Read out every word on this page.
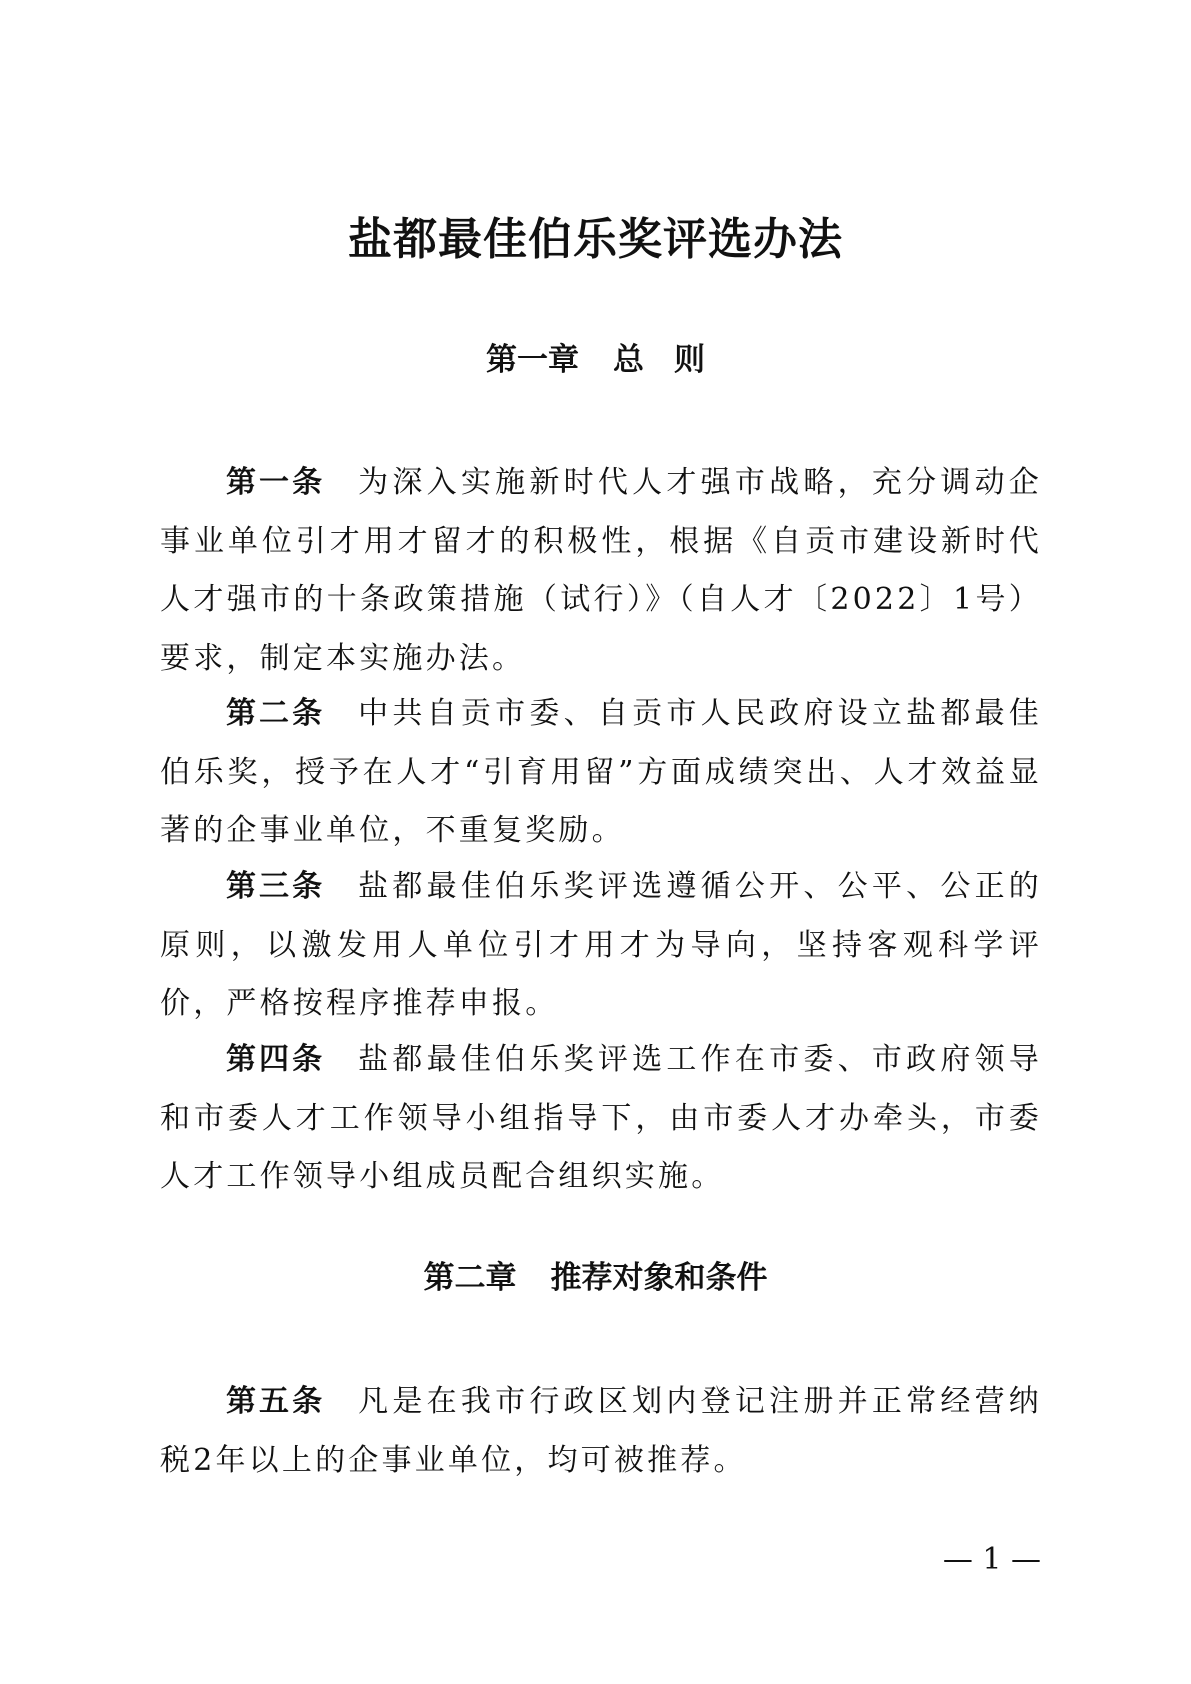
盐都最佳伯乐奖评选办法
第一章 总则

第一条 为深入实施新时代人才强市战略，充分调动企事业单位引才用才留才的积极性，根据《自贡市建设新时代人才强市的十条政策措施（试行）》（自人才〔2022〕1号）要求，制定本实施办法。

第二条 中共自贡市委、自贡市人民政府设立盐都最佳伯乐奖，授予在人才“引育用留”方面成绩突出、人才效益显著的企事业单位，不重复奖励。

第三条 盐都最佳伯乐奖评选遵循公开、公平、公正的原则，以激发用人单位引才用才为导向，坚持客观科学评价，严格按程序推荐申报。

第四条 盐都最佳伯乐奖评选工作在市委、市政府领导和市委人才工作领导小组指导下，由市委人才办牵头，市委人才工作领导小组成员配合组织实施。

第二章 推荐对象和条件

第五条 凡是在我市行政区划内登记注册并正常经营纳税2年以上的企事业单位，均可被推荐。

— 1 —
